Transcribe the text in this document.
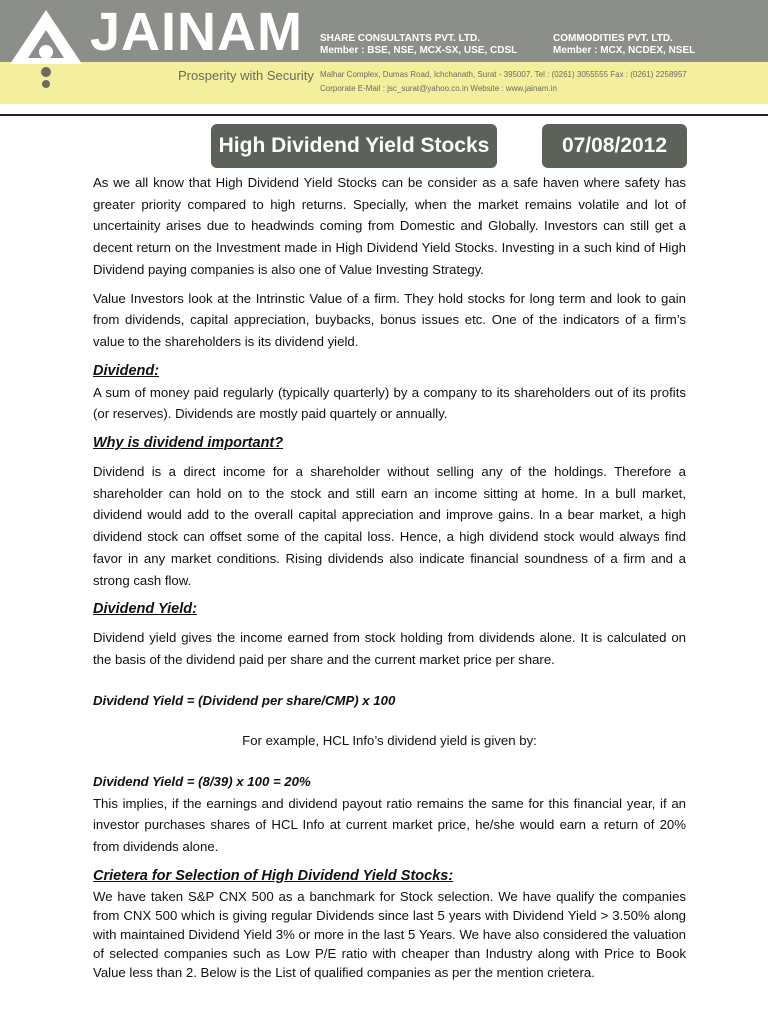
JAINAM
Prosperity with Security
SHARE CONSULTANTS PVT. LTD.
Member : BSE, NSE, MCX-SX, USE, CDSL
COMMODITIES PVT. LTD.
Member : MCX, NCDEX, NSEL
Malhar Complex, Dumas Road, Ichchanath, Surat - 395007. Tel : (0261) 3055555 Fax : (0261) 2258957
Corporate E-Mail : jsc_surat@yahoo.co.in Website : www.jainam.in
High Dividend Yield Stocks	07/08/2012

As we all know that High Dividend Yield Stocks can be consider as a safe haven where safety has greater priority compared to high returns. Specially, when the market remains volatile and lot of uncertainity arises due to headwinds coming from Domestic and Globally. Investors can still get a decent return on the Investment made in High Dividend Yield Stocks. Investing in a such kind of High Dividend paying companies is also one of Value Investing Strategy.

Value Investors look at the Intrinstic Value of a firm. They hold stocks for long term and look to gain from dividends, capital appreciation, buybacks, bonus issues etc. One of the indicators of a firm’s value to the shareholders is its dividend yield.

Dividend:

A sum of money paid regularly (typically quarterly) by a company to its shareholders out of its profits (or reserves). Dividends are mostly paid quartely or annually.

Why is dividend important?

Dividend is a direct income for a shareholder without selling any of the holdings. Therefore a shareholder can hold on to the stock and still earn an income sitting at home. In a bull market, dividend would add to the overall capital appreciation and improve gains. In a bear market, a high dividend stock can offset some of the capital loss. Hence, a high dividend stock would always find favor in any market conditions. Rising dividends also indicate financial soundness of a firm and a strong cash flow.

Dividend Yield:

Dividend yield gives the income earned from stock holding from dividends alone. It is calculated on the basis of the dividend paid per share and the current market price per share.

Dividend Yield = (Dividend per share/CMP) x 100

For example, HCL Info’s dividend yield is given by:

Dividend Yield = (8/39) x 100 = 20%

This implies, if the earnings and dividend payout ratio remains the same for this financial year, if an investor purchases shares of HCL Info at current market price, he/she would earn a return of 20% from dividends alone.

Crietera for Selection of High Dividend Yield Stocks:

We have taken S&P CNX 500 as a banchmark for Stock selection. We have qualify the companies from CNX 500 which is giving regular Dividends since last 5 years with Dividend Yield > 3.50% along with maintained Dividend Yield 3% or more in the last 5 Years. We have also considered the valuation of selected companies such as Low P/E ratio with cheaper than Industry along with Price to Book Value less than 2. Below is the List of qualified companies as per the mention crietera.
